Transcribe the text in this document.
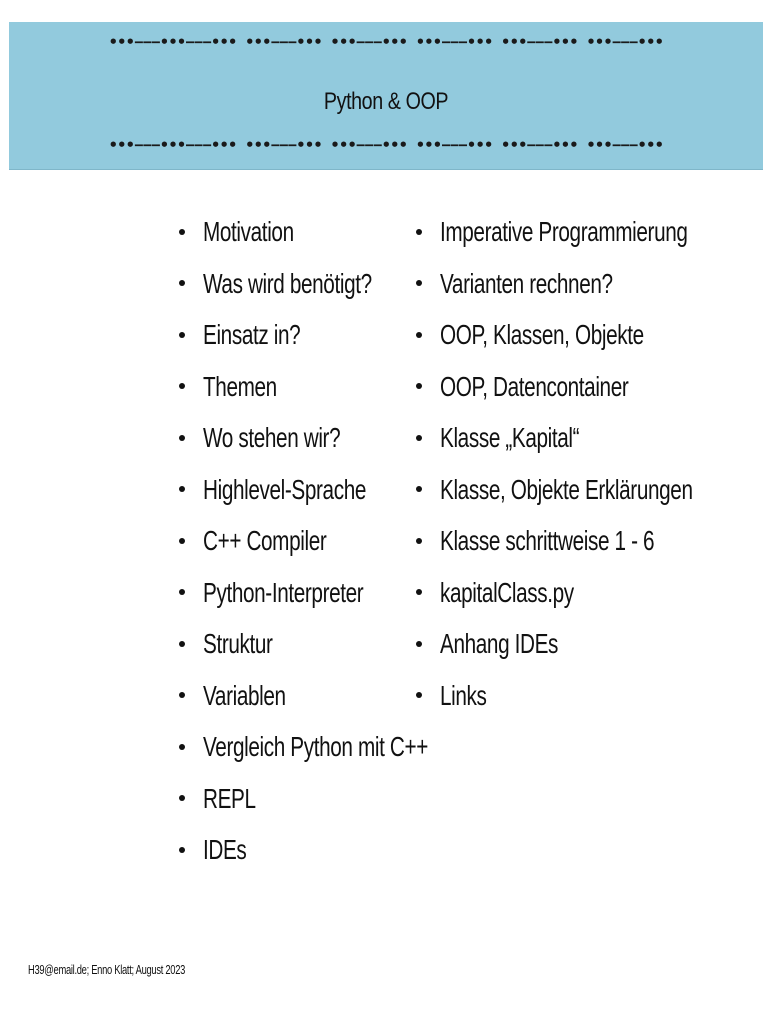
•••−−−•••−−−••• •••−−−••• •••−−−••• •••−−−••• •••−−−••• •••−−−•••
Python & OOP
•••−−−•••−−−••• •••−−−••• •••−−−••• •••−−−••• •••−−−••• •••−−−•••
Motivation
Was wird benötigt?
Einsatz in?
Themen
Wo stehen wir?
Highlevel-Sprache
C++ Compiler
Python-Interpreter
Struktur
Variablen
Vergleich Python mit C++
REPL
IDEs
Imperative Programmierung
Varianten rechnen?
OOP, Klassen, Objekte
OOP, Datencontainer
Klasse „Kapital“
Klasse, Objekte Erklärungen
Klasse schrittweise 1 - 6
kapitalClass.py
Anhang IDEs
Links
H39@email.de; Enno Klatt; August 2023
